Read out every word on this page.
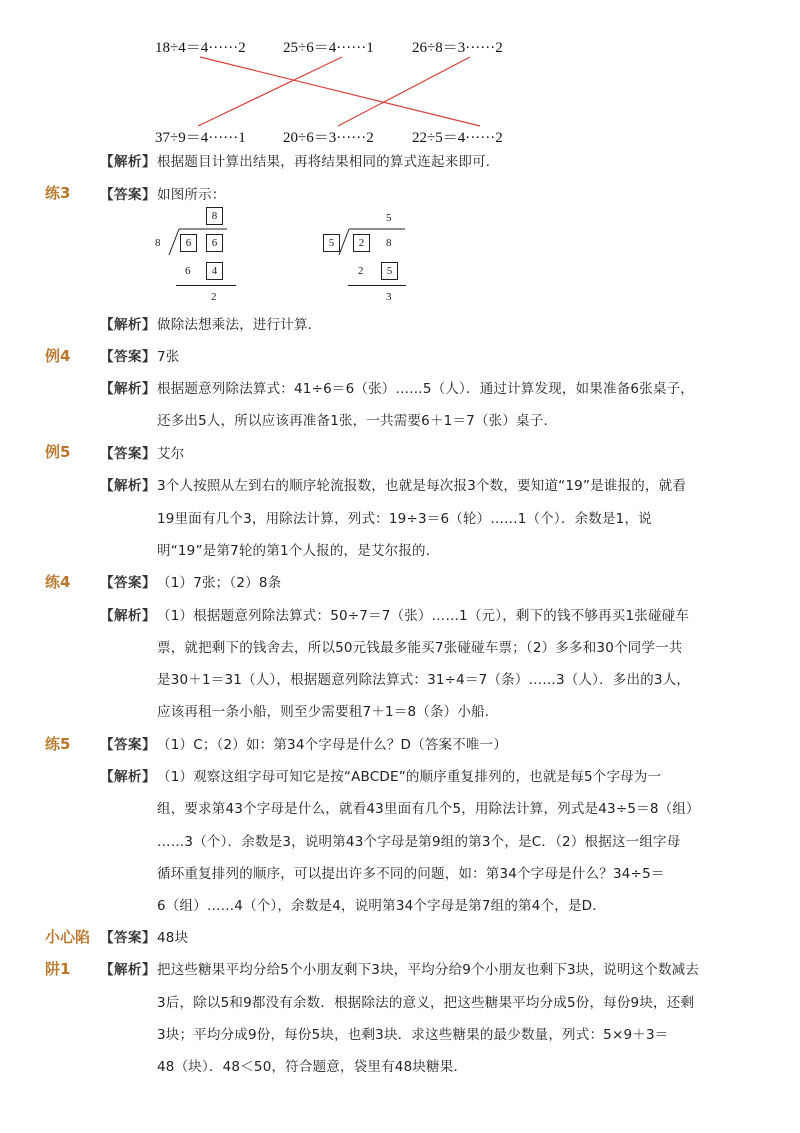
18÷4＝4······2 25÷6＝4······1	26÷8＝3······2
37÷9＝4······1 20÷6＝3······2	22÷5＝4······2
【解析】 根据题目计算出结果，再将结果相同的算式连起来即可．
练3 【答案】 如图所示：
8
8	6	6
6	4
2
5
5	2	8
2	5
3
【解析】 做除法想乘法，进行计算．
例4 【答案】 7张
【解析】 根据题意列除法算式：41÷6＝6（张）……5（人）．通过计算发现，如果准备6张桌子，
还多出5人，所以应该再准备1张，一共需要6＋1＝7（张）桌子．
例5 【答案】 艾尔
【解析】 3个人按照从左到右的顺序轮流报数，也就是每次报3个数，要知道“19”是谁报的，就看
19里面有几个3，用除法计算，列式：19÷3＝6（轮）……1（个）．余数是1，说
明“19”是第7轮的第1个人报的，是艾尔报的．
练4 【答案】 （1）7张；（2）8条
【解析】 （1）根据题意列除法算式：50÷7＝7（张）……1（元），剩下的钱不够再买1张碰碰车
票，就把剩下的钱舍去，所以50元钱最多能买7张碰碰车票；（2）多多和30个同学一共
是30＋1＝31（人），根据题意列除法算式：31÷4＝7（条）……3（人）．多出的3人，
应该再租一条小船，则至少需要租7＋1＝8（条）小船．
练5 【答案】 （1）C；（2）如：第34个字母是什么？D（答案不唯一）
【解析】 （1）观察这组字母可知它是按“ABCDE”的顺序重复排列的，也就是每5个字母为一
组，要求第43个字母是什么，就看43里面有几个5，用除法计算，列式是43÷5＝8（组）
……3（个）．余数是3，说明第43个字母是第9组的第3个，是C．（2）根据这一组字母
循环重复排列的顺序，可以提出许多不同的问题，如：第34个字母是什么？34÷5＝
6（组）……4（个），余数是4，说明第34个字母是第7组的第4个，是D．
小心陷 【答案】 48块
阱1 【解析】 把这些糖果平均分给5个小朋友剩下3块，平均分给9个小朋友也剩下3块，说明这个数减去
3后，除以5和9都没有余数．根据除法的意义，把这些糖果平均分成5份，每份9块，还剩
3块；平均分成9份，每份5块，也剩3块．求这些糖果的最少数量，列式：5×9＋3＝
48（块）．48＜50，符合题意，袋里有48块糖果．
